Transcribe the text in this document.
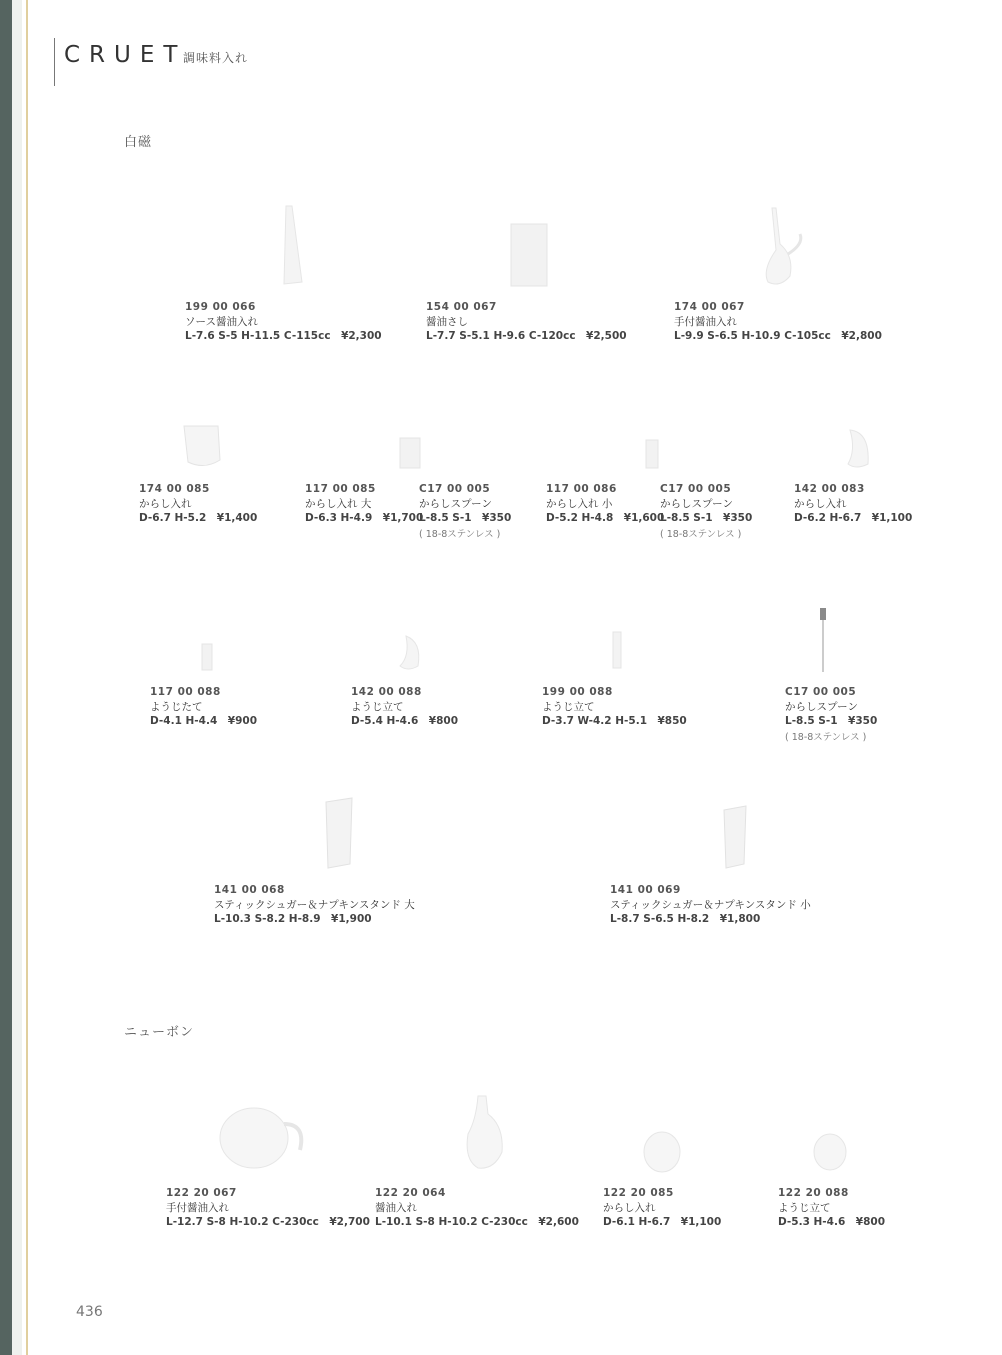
CRUET
調味料入れ
白磁
ニューボン
199 00 066
ソース醤油入れ
L-7.6 S-5 H-11.5 C-115cc　¥2,300
154 00 067
醤油さし
L-7.7 S-5.1 H-9.6 C-120cc　¥2,500
174 00 067
手付醤油入れ
L-9.9 S-6.5 H-10.9 C-105cc　¥2,800
174 00 085
からし入れ
D-6.7 H-5.2　¥1,400
117 00 085
からし入れ 大
D-6.3 H-4.9　¥1,700
C17 00 005
からしスプーン
L-8.5 S-1　¥350
( 18-8ステンレス )
117 00 086
からし入れ 小
D-5.2 H-4.8　¥1,600
C17 00 005
からしスプーン
L-8.5 S-1　¥350
( 18-8ステンレス )
142 00 083
からし入れ
D-6.2 H-6.7　¥1,100
117 00 088
ようじたて
D-4.1 H-4.4　¥900
142 00 088
ようじ立て
D-5.4 H-4.6　¥800
199 00 088
ようじ立て
D-3.7 W-4.2 H-5.1　¥850
C17 00 005
からしスプーン
L-8.5 S-1　¥350
( 18-8ステンレス )
141 00 068
スティックシュガー＆ナプキンスタンド 大
L-10.3 S-8.2 H-8.9　¥1,900
141 00 069
スティックシュガー＆ナプキンスタンド 小
L-8.7 S-6.5 H-8.2　¥1,800
122 20 067
手付醤油入れ
L-12.7 S-8 H-10.2 C-230cc　¥2,700
122 20 064
醤油入れ
L-10.1 S-8 H-10.2 C-230cc　¥2,600
122 20 085
からし入れ
D-6.1 H-6.7　¥1,100
122 20 088
ようじ立て
D-5.3 H-4.6　¥800
436
